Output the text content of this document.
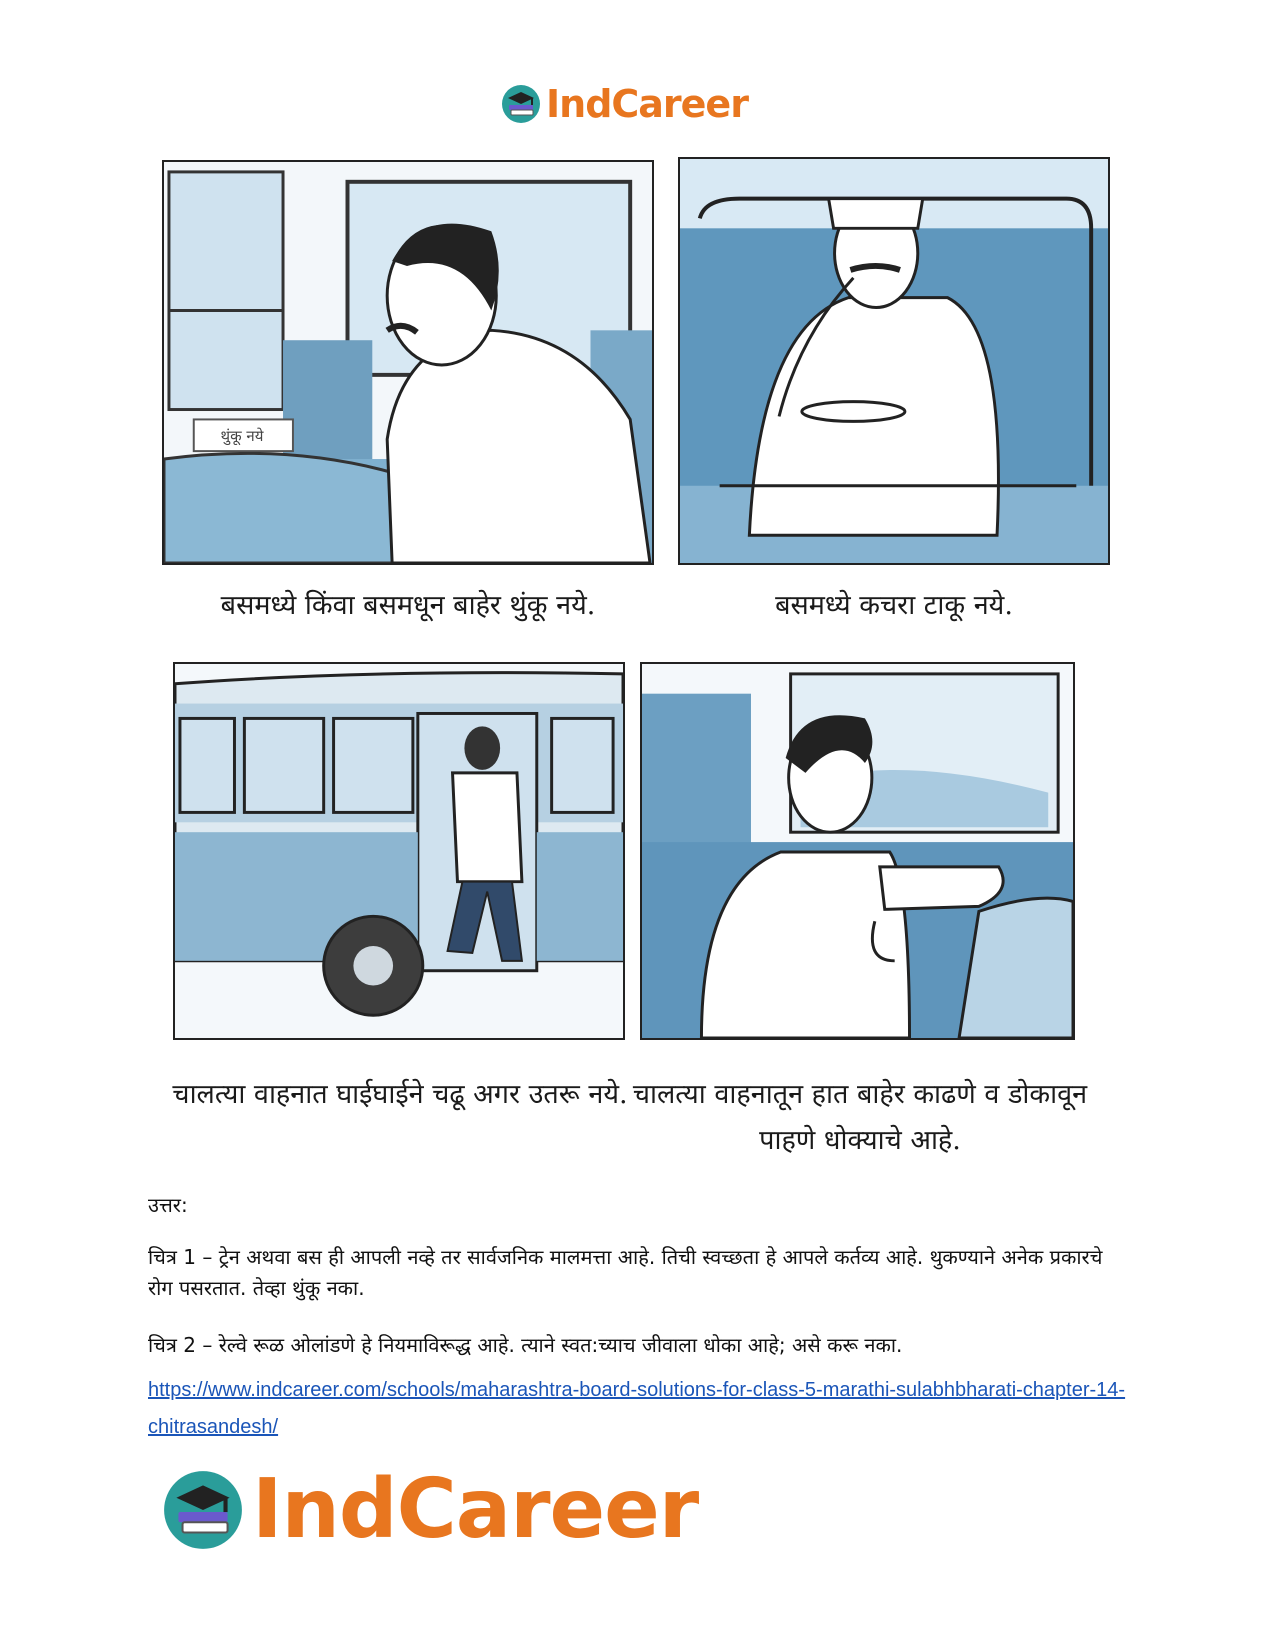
IndCareer
थुंकू नये
बसमध्ये किंवा बसमधून बाहेर थुंकू नये.	बसमध्ये कचरा टाकू नये.
चालत्या वाहनात घाईघाईने चढू अगर उतरू नये. चालत्या वाहनातून हात बाहेर काढणे व डोकावून पाहणे धोक्याचे आहे.
उत्तर:
चित्र 1 – ट्रेन अथवा बस ही आपली नव्हे तर सार्वजनिक मालमत्ता आहे. तिची स्वच्छता हे आपले कर्तव्य आहे. थुकण्याने अनेक प्रकारचे रोग पसरतात. तेव्हा थुंकू नका.
चित्र 2 – रेल्वे रूळ ओलांडणे हे नियमाविरूद्ध आहे. त्याने स्वत:च्याच जीवाला धोका आहे; असे करू नका.
https://www.indcareer.com/schools/maharashtra-board-solutions-for-class-5-marathi-sulabhbharati-chapter-14-chitrasandesh/
IndCareer
